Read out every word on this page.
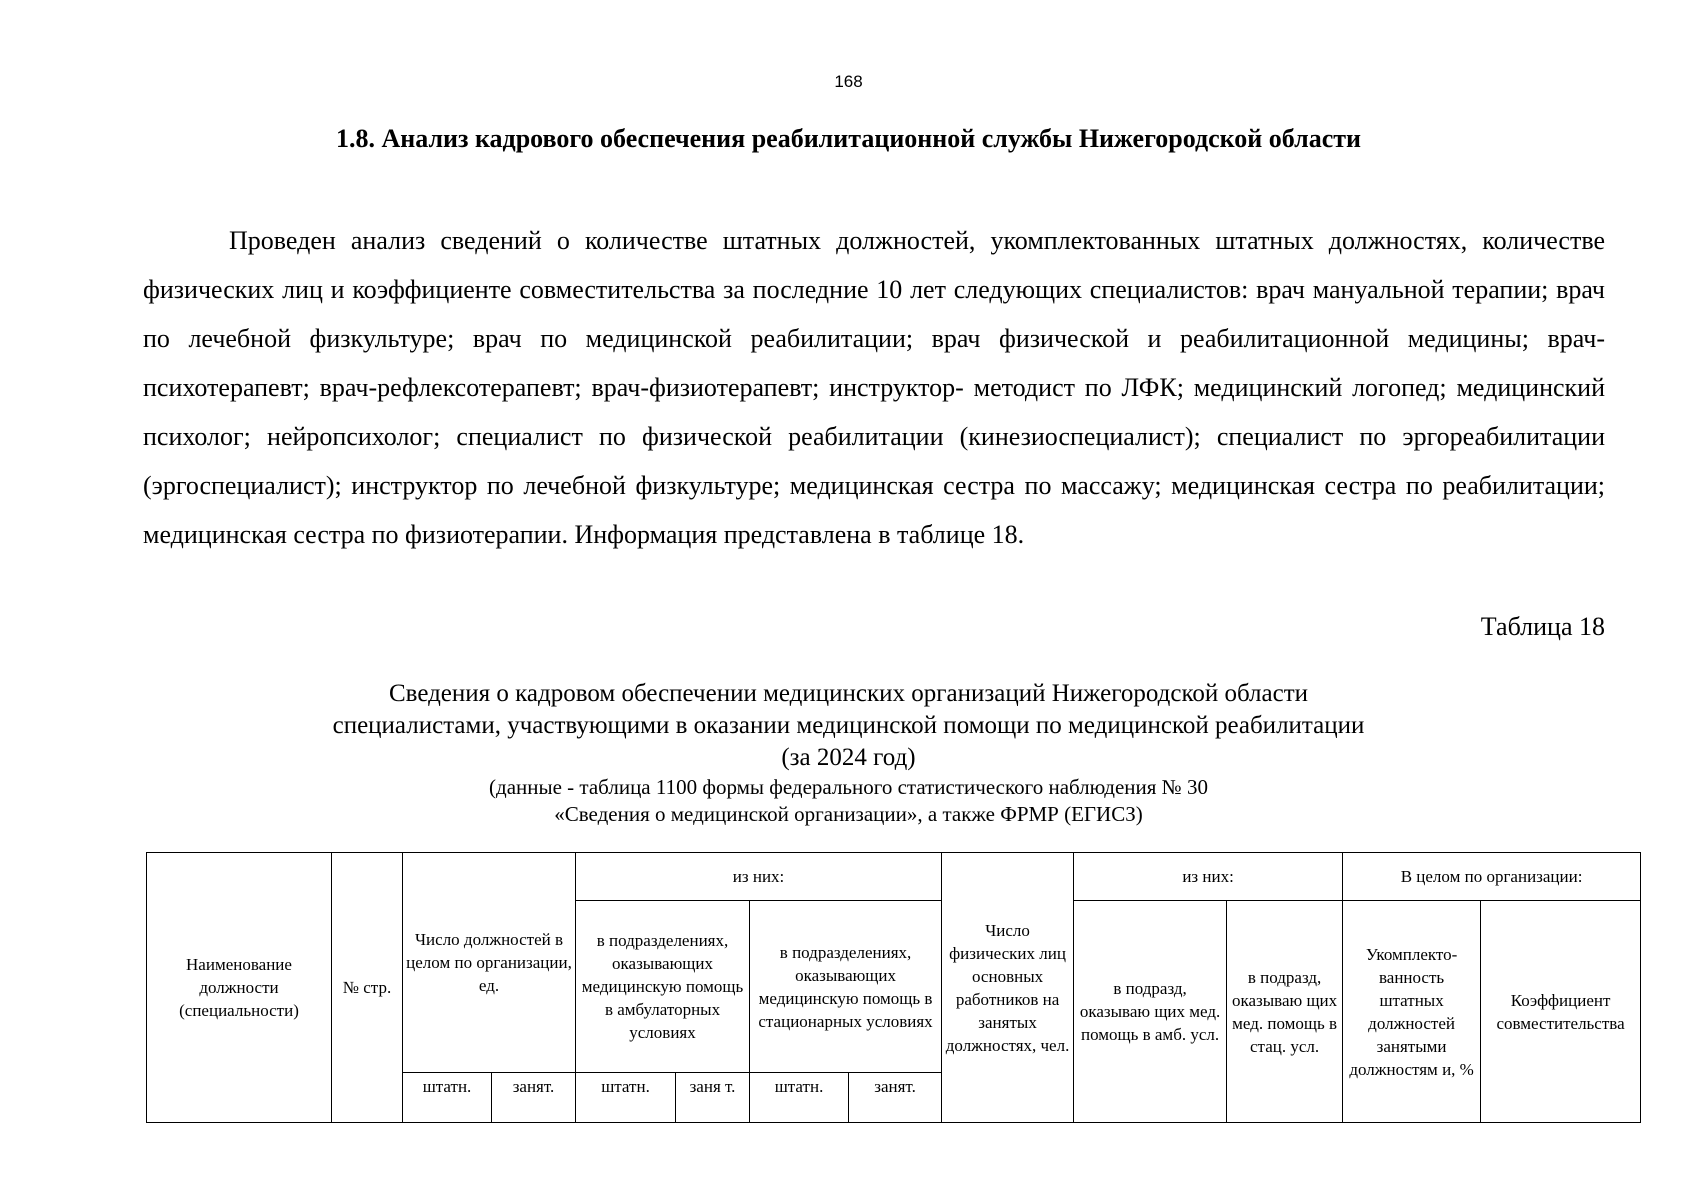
168
1.8. Анализ кадрового обеспечения реабилитационной службы Нижегородской области

Проведен анализ сведений о количестве штатных должностей, укомплектованных штатных должностях, количестве физических лиц и коэффициенте совместительства за последние 10 лет следующих специалистов: врач мануальной терапии; врач по лечебной физкультуре; врач по медицинской реабилитации; врач физической и реабилитационной медицины; врач- психотерапевт; врач-рефлексотерапевт; врач-физиотерапевт; инструктор- методист по ЛФК; медицинский логопед; медицинский психолог; нейропсихолог; специалист по физической реабилитации (кинезиоспециалист); специалист по эргореабилитации (эргоспециалист); инструктор по лечебной физкультуре; медицинская сестра по массажу; медицинская сестра по реабилитации; медицинская сестра по физиотерапии. Информация представлена в таблице 18.

Таблица 18
Сведения о кадровом обеспечении медицинских организаций Нижегородской области
специалистами, участвующими в оказании медицинской помощи по медицинской реабилитации
(за 2024 год)
(данные - таблица 1100 формы федерального статистического наблюдения № 30
«Сведения о медицинской организации», а также ФРМР (ЕГИСЗ)
Наименование должности (специальности)	№ стр.	Число должностей в целом по организации, ед.		из них:				Число физических лиц основных работников на занятых должностях, чел.	из них:		В целом по организации:	
				в подразделениях, оказывающих медицинскую помощь в амбулаторных условиях		в подразделениях, оказывающих медицинскую помощь в стационарных условиях			в подразд, оказываю щих мед. помощь в амб. усл.	в подразд, оказываю щих мед. помощь в стац. усл.	Укомплекто-ванность штатных должностей занятыми должностям и, %	Коэффициент совместительства
		штатн.	занят.	штатн.	заня т.	штатн.	занят.					
